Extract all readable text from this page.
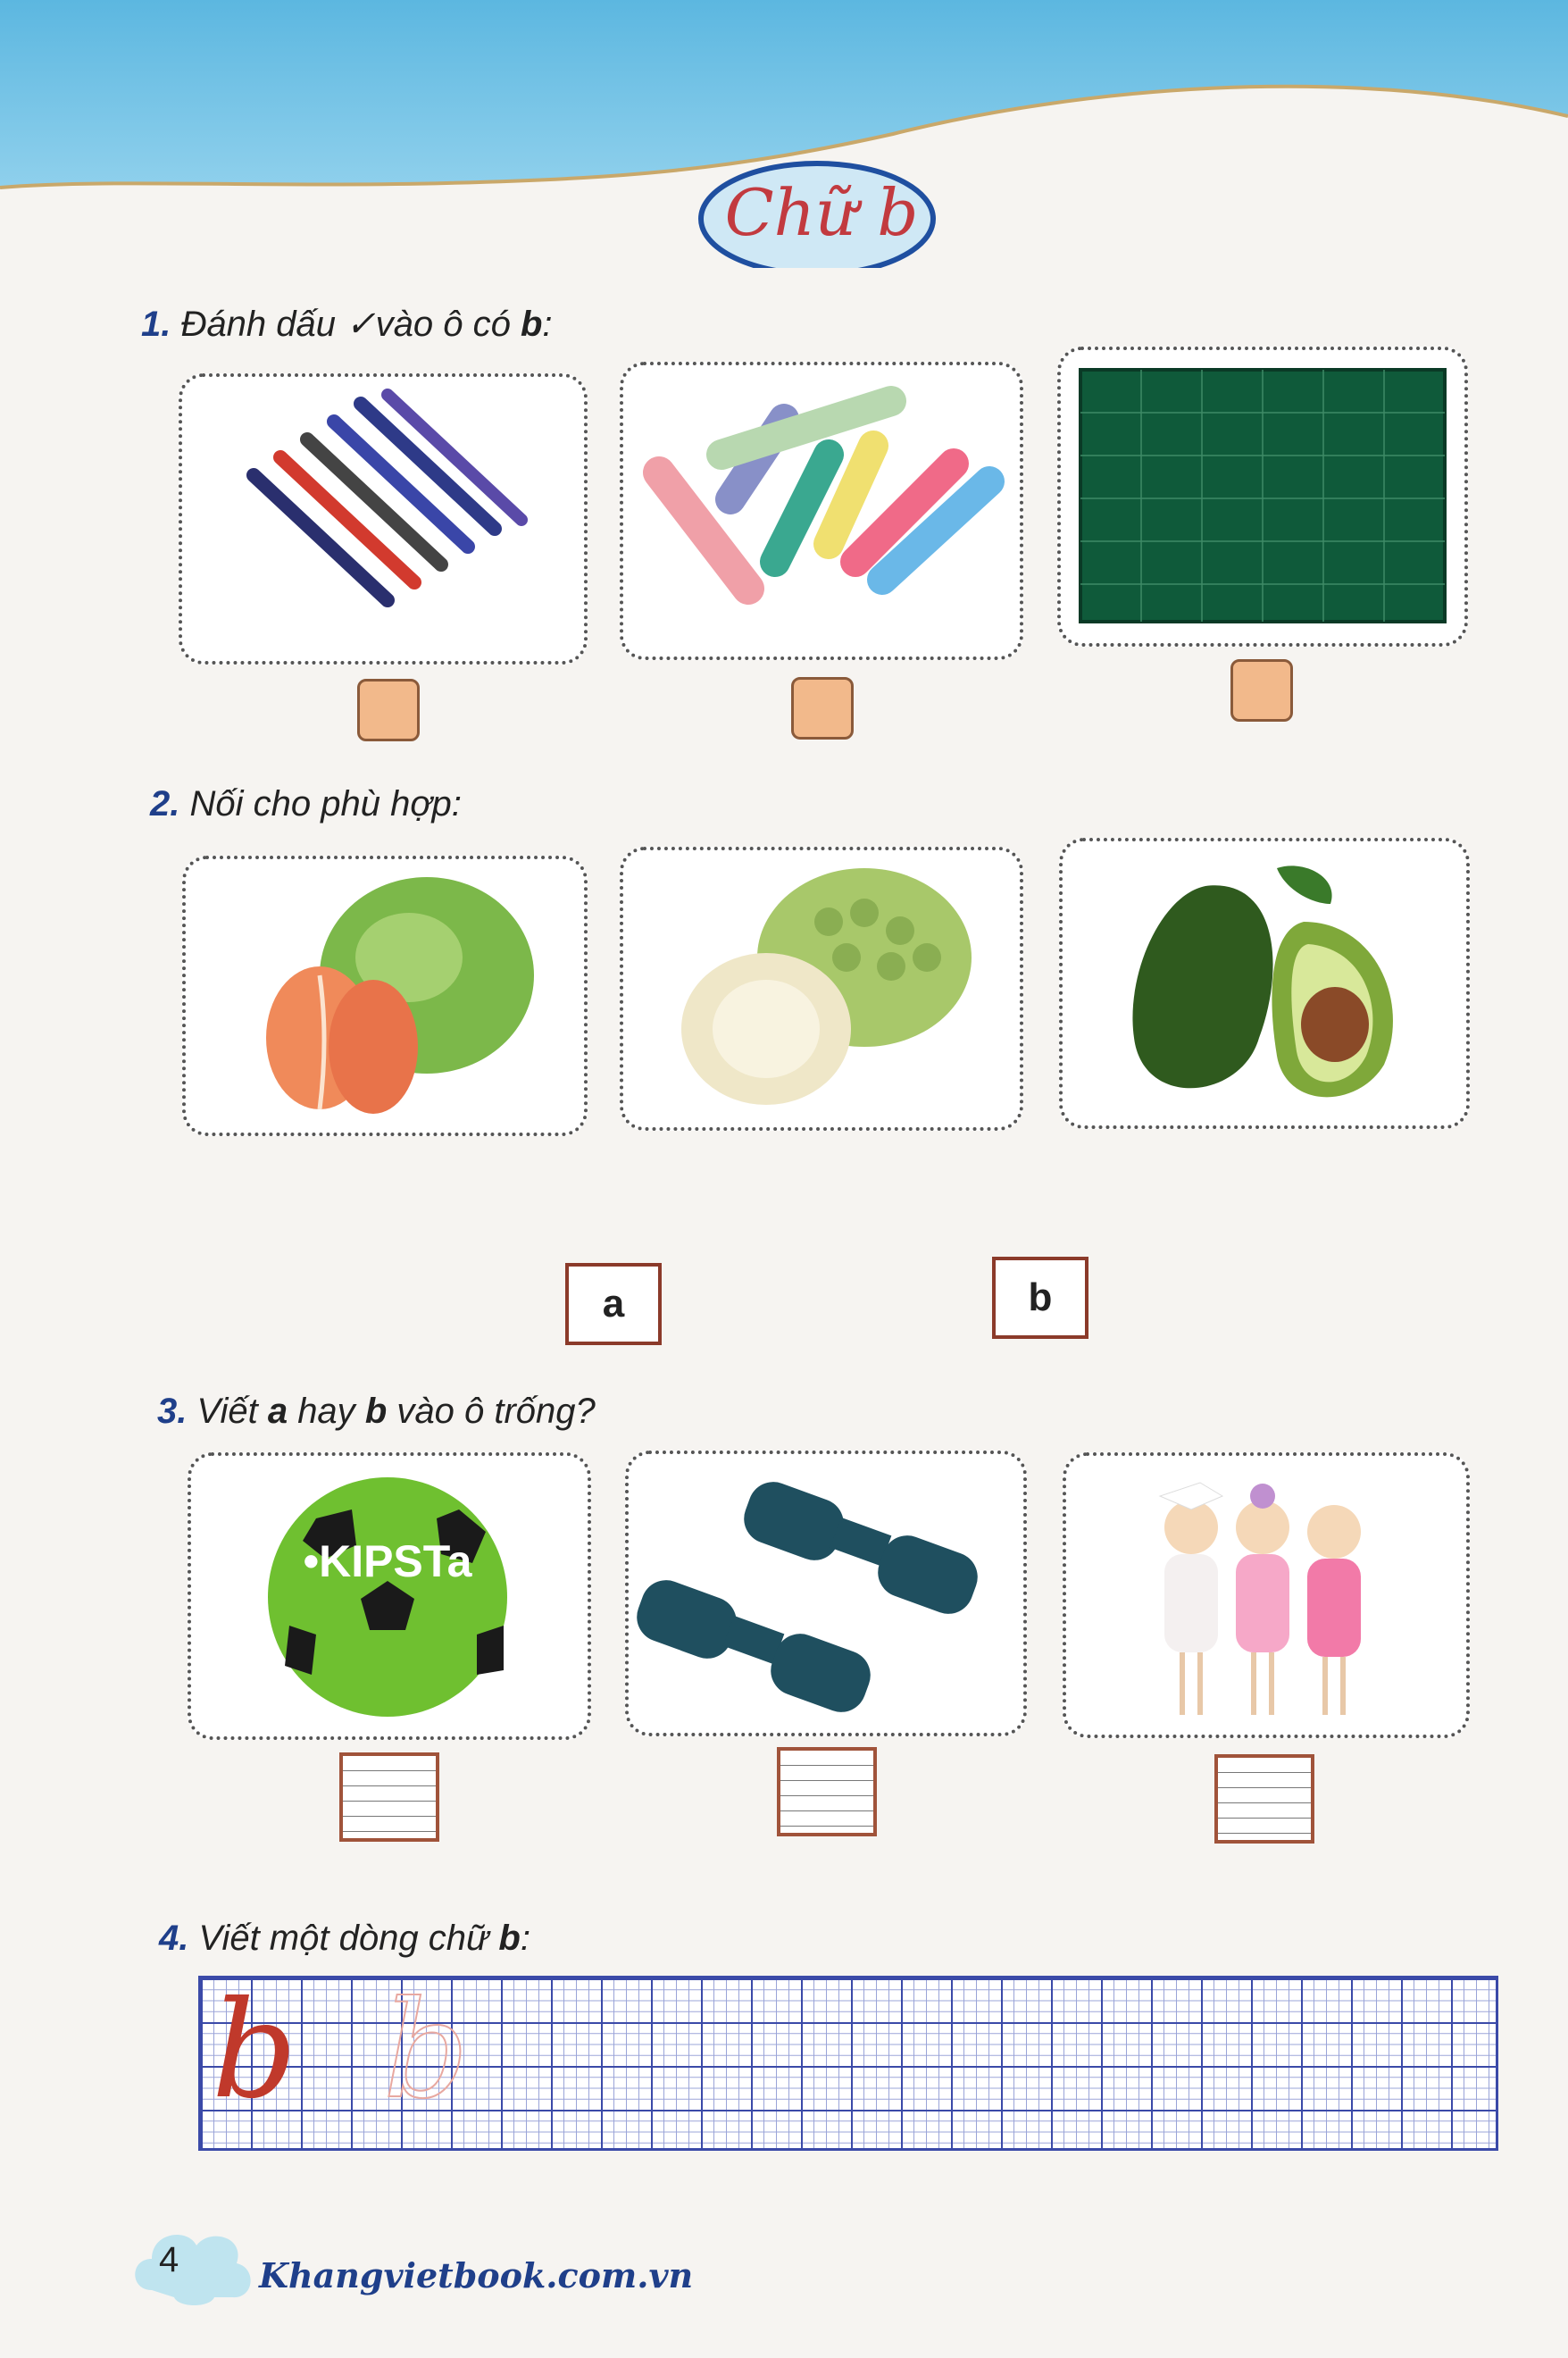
Chữ b
1. Đánh dấu ✓vào ô có b:
2. Nối cho phù hợp:
a	b
3. Viết a hay b vào ô trống?
•KIPSTa
4. Viết một dòng chữ b:
b b
4 Khangvietbook.com.vn
